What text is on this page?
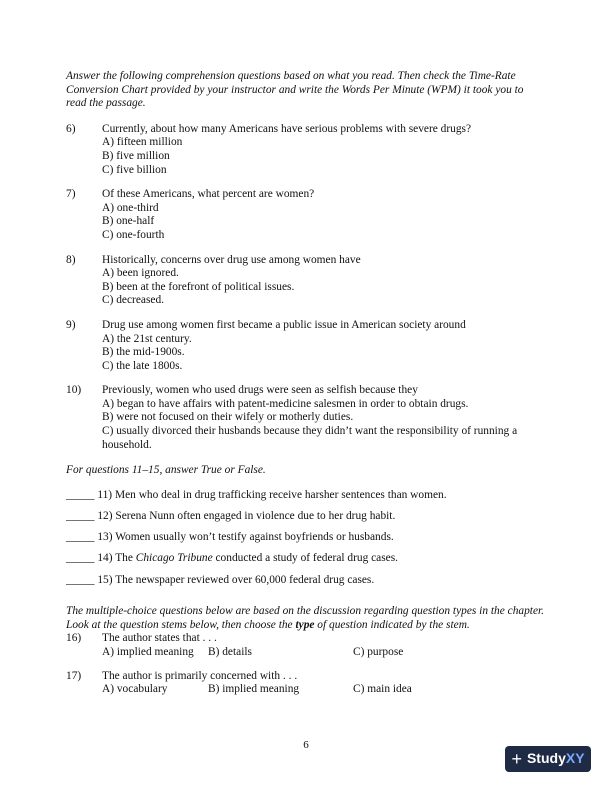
Answer the following comprehension questions based on what you read. Then check the Time-Rate Conversion Chart provided by your instructor and write the Words Per Minute (WPM) it took you to read the passage.

6)	Currently, about how many Americans have serious problems with severe drugs?
A) fifteen million
B) five million
C) five billion
7)	Of these Americans, what percent are women?
A) one-third
B) one-half
C) one-fourth
8)	Historically, concerns over drug use among women have
A) been ignored.
B) been at the forefront of political issues.
C) decreased.
9)	Drug use among women first became a public issue in American society around
A) the 21st century.
B) the mid-1900s.
C) the late 1800s.
10)	Previously, women who used drugs were seen as selfish because they
A) began to have affairs with patent-medicine salesmen in order to obtain drugs.
B) were not focused on their wifely or motherly duties.
C) usually divorced their husbands because they didn’t want the responsibility of running a household.

For questions 11–15, answer True or False.

_____ 11) Men who deal in drug trafficking receive harsher sentences than women.
_____ 12) Serena Nunn often engaged in violence due to her drug habit.
_____ 13) Women usually won’t testify against boyfriends or husbands.
_____ 14) The Chicago Tribune conducted a study of federal drug cases.
_____ 15) The newspaper reviewed over 60,000 federal drug cases.

The multiple-choice questions below are based on the discussion regarding question types in the chapter. Look at the question stems below, then choose the type of question indicated by the stem.

16)	The author states that . . .
A) implied meaning	B) details	C) purpose
17)	The author is primarily concerned with . . .
A) vocabulary	B) implied meaning	C) main idea
6
+ StudyXY
